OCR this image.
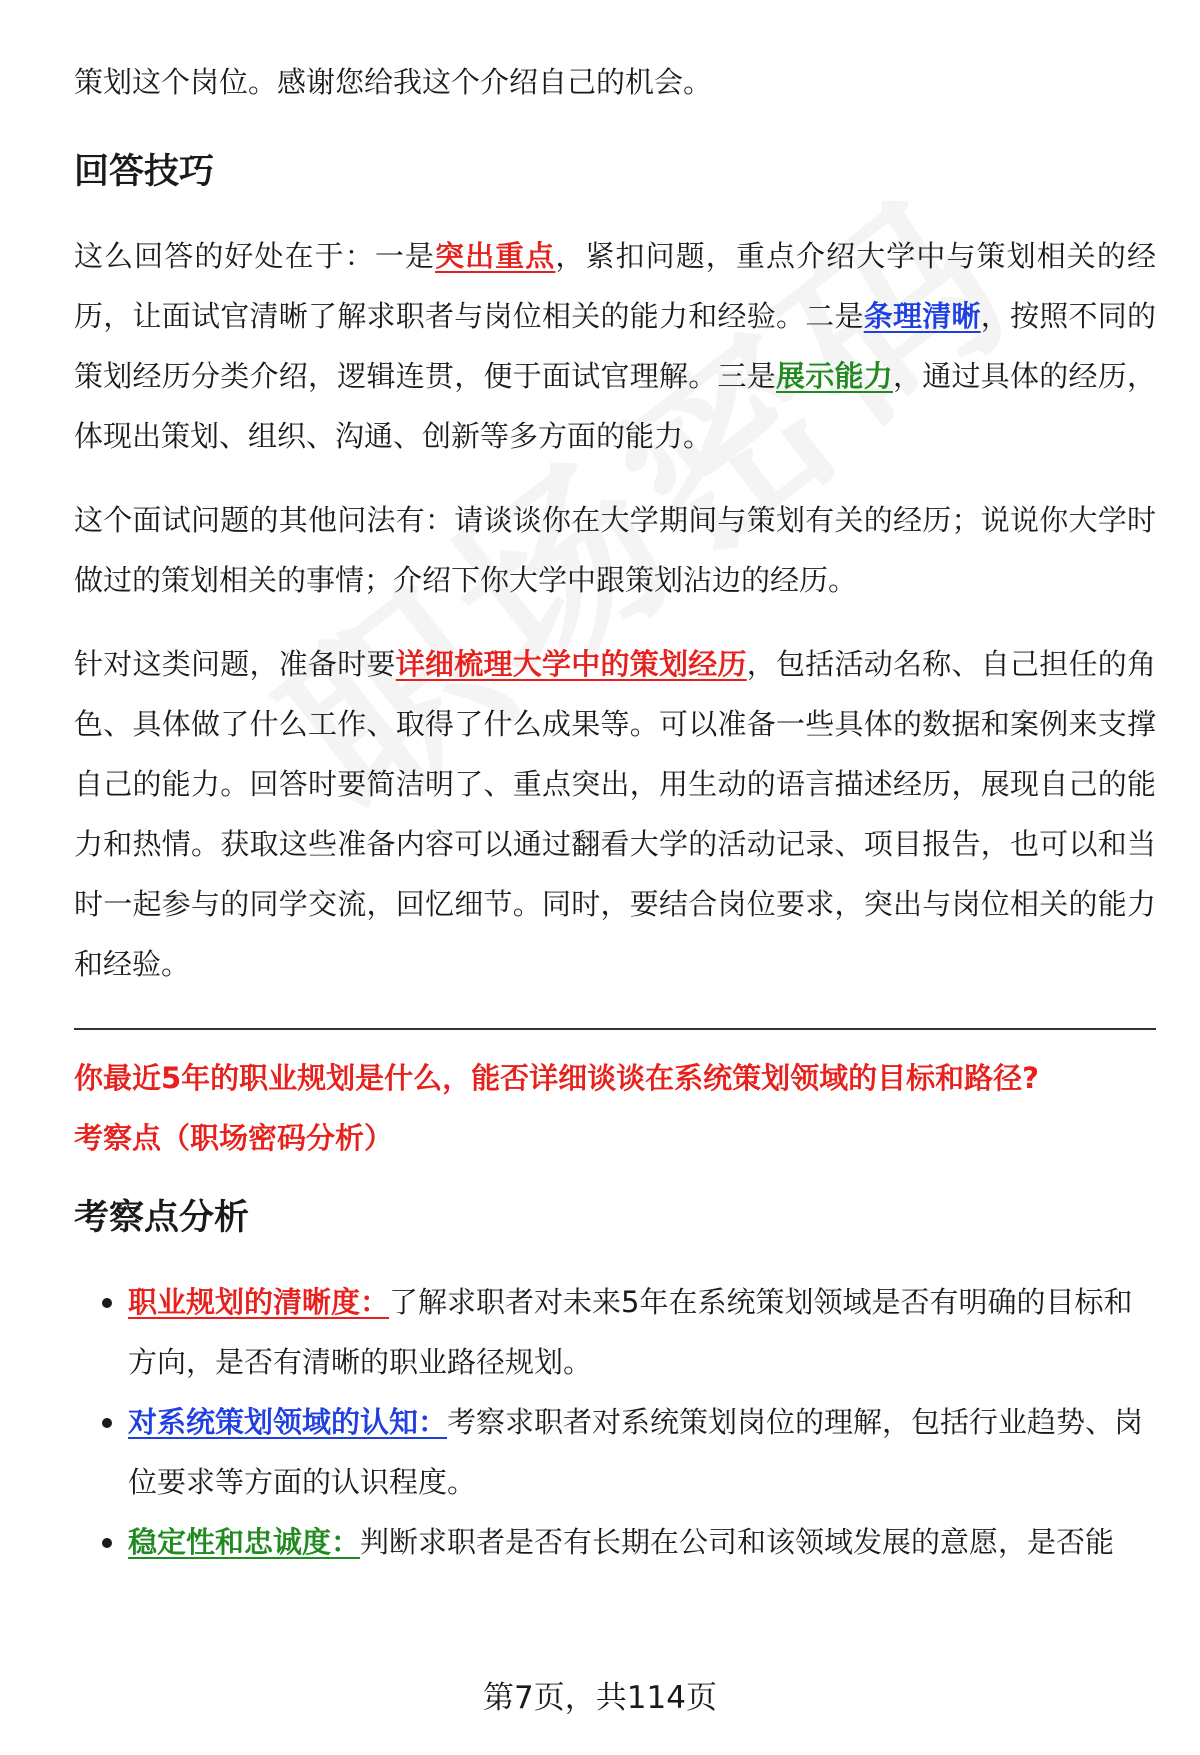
策划这个岗位。感谢您给我这个介绍自己的机会。

回答技巧

这么回答的好处在于：一是突出重点，紧扣问题，重点介绍大学中与策划相关的经历，让面试官清晰了解求职者与岗位相关的能力和经验。二是条理清晰，按照不同的策划经历分类介绍，逻辑连贯，便于面试官理解。三是展示能力，通过具体的经历，体现出策划、组织、沟通、创新等多方面的能力。

这个面试问题的其他问法有：请谈谈你在大学期间与策划有关的经历；说说你大学时做过的策划相关的事情；介绍下你大学中跟策划沾边的经历。

针对这类问题，准备时要详细梳理大学中的策划经历，包括活动名称、自己担任的角色、具体做了什么工作、取得了什么成果等。可以准备一些具体的数据和案例来支撑自己的能力。回答时要简洁明了、重点突出，用生动的语言描述经历，展现自己的能力和热情。获取这些准备内容可以通过翻看大学的活动记录、项目报告，也可以和当时一起参与的同学交流，回忆细节。同时，要结合岗位要求，突出与岗位相关的能力和经验。

你最近5年的职业规划是什么，能否详细谈谈在系统策划领域的目标和路径?

考察点（职场密码分析）

考察点分析
职业规划的清晰度：了解求职者对未来5年在系统策划领域是否有明确的目标和方向，是否有清晰的职业路径规划。
对系统策划领域的认知：考察求职者对系统策划岗位的理解，包括行业趋势、岗位要求等方面的认识程度。
稳定性和忠诚度：判断求职者是否有长期在公司和该领域发展的意愿，是否能
第7页，共114页
